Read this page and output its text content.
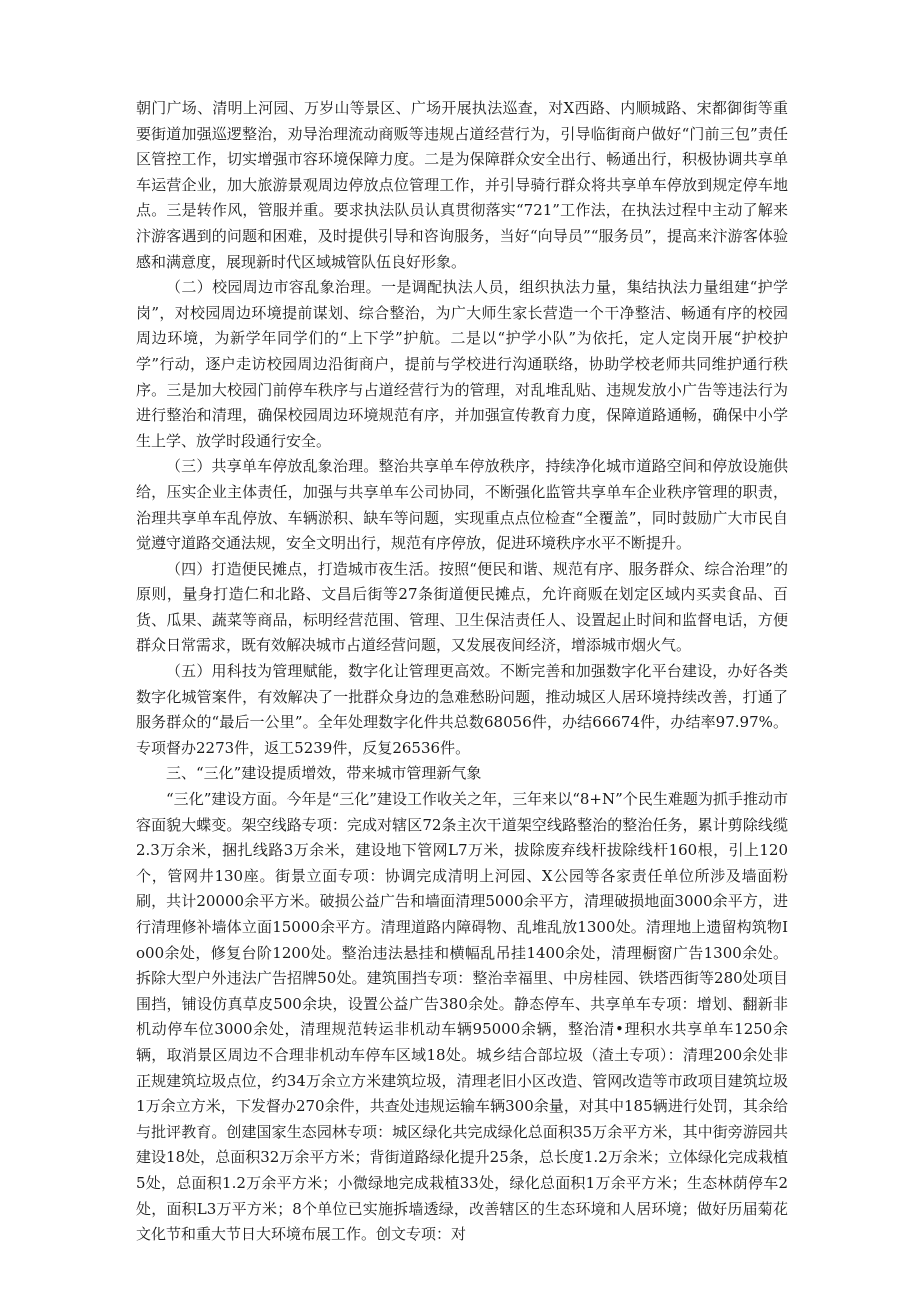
朝门广场、清明上河园、万岁山等景区、广场开展执法巡查，对X西路、内顺城路、宋都御街等重要街道加强巡逻整治，劝导治理流动商贩等违规占道经营行为，引导临街商户做好“门前三包”责任区管控工作，切实增强市容环境保障力度。二是为保障群众安全出行、畅通出行，积极协调共享单车运营企业，加大旅游景观周边停放点位管理工作，并引导骑行群众将共享单车停放到规定停车地点。三是转作风，管服并重。要求执法队员认真贯彻落实“721”工作法，在执法过程中主动了解来汴游客遇到的问题和困难，及时提供引导和咨询服务，当好“向导员”“服务员”，提高来汴游客体验感和满意度，展现新时代区域城管队伍良好形象。

（二）校园周边市容乱象治理。一是调配执法人员，组织执法力量，集结执法力量组建“护学岗”，对校园周边环境提前谋划、综合整治，为广大师生家长营造一个干净整洁、畅通有序的校园周边环境，为新学年同学们的“上下学”护航。二是以“护学小队”为依托，定人定岗开展“护校护学”行动，逐户走访校园周边沿街商户，提前与学校进行沟通联络，协助学校老师共同维护通行秩序。三是加大校园门前停车秩序与占道经营行为的管理，对乱堆乱贴、违规发放小广告等违法行为进行整治和清理，确保校园周边环境规范有序，并加强宣传教育力度，保障道路通畅，确保中小学生上学、放学时段通行安全。

（三）共享单车停放乱象治理。整治共享单车停放秩序，持续净化城市道路空间和停放设施供给，压实企业主体责任，加强与共享单车公司协同，不断强化监管共享单车企业秩序管理的职责，治理共享单车乱停放、车辆淤积、缺车等问题，实现重点点位检查“全覆盖”，同时鼓励广大市民自觉遵守道路交通法规，安全文明出行，规范有序停放，促进环境秩序水平不断提升。

（四）打造便民摊点，打造城市夜生活。按照“便民和谐、规范有序、服务群众、综合治理”的原则，量身打造仁和北路、文昌后街等27条街道便民摊点，允许商贩在划定区域内买卖食品、百货、瓜果、蔬菜等商品，标明经营范围、管理、卫生保洁责任人、设置起止时间和监督电话，方便群众日常需求，既有效解决城市占道经营问题，又发展夜间经济，增添城市烟火气。

（五）用科技为管理赋能，数字化让管理更高效。不断完善和加强数字化平台建设，办好各类数字化城管案件，有效解决了一批群众身边的急难愁盼问题，推动城区人居环境持续改善，打通了服务群众的“最后一公里”。全年处理数字化件共总数68056件，办结66674件，办结率97.97%。专项督办2273件，返工5239件，反复26536件。

三、“三化”建设提质增效，带来城市管理新气象

“三化”建设方面。今年是“三化”建设工作收关之年，三年来以“8+N”个民生难题为抓手推动市容面貌大蝶变。架空线路专项：完成对辖区72条主次干道架空线路整治的整治任务，累计剪除线缆2.3万余米，捆扎线路3万余米，建设地下管网L7万米，拔除废弃线杆拔除线杆160根，引上120个，管网井130座。街景立面专项：协调完成清明上河园、X公园等各家责任单位所涉及墙面粉刷，共计20000余平方米。破损公益广告和墙面清理5000余平方，清理破损地面3000余平方，进行清理修补墙体立面15000余平方。清理道路内障碍物、乱堆乱放1300处。清理地上遗留构筑物Io00余处，修复台阶1200处。整治违法悬挂和横幅乱吊挂1400余处，清理橱窗广告1300余处。拆除大型户外违法广告招牌50处。建筑围挡专项：整治幸福里、中房桂园、铁塔西街等280处项目围挡，铺设仿真草皮500余块，设置公益广告380余处。静态停车、共享单车专项：增划、翻新非机动停车位3000余处，清理规范转运非机动车辆95000余辆，整治清•理积水共享单车1250余辆，取消景区周边不合理非机动车停车区域18处。城乡结合部垃圾（渣土专项）：清理200余处非正规建筑垃圾点位，约34万余立方米建筑垃圾，清理老旧小区改造、管网改造等市政项目建筑垃圾1万余立方米，下发督办270余件，共查处违规运输车辆300余量，对其中185辆进行处罚，其余给与批评教育。创建国家生态园林专项：城区绿化共完成绿化总面积35万余平方米，其中街旁游园共建设18处，总面积32万余平方米；背街道路绿化提升25条，总长度1.2万余米；立体绿化完成栽植5处，总面积1.2万余平方米；小微绿地完成栽植33处，绿化总面积1万余平方米；生态林荫停车2处，面积L3万平方米；8个单位已实施拆墙透绿，改善辖区的生态环境和人居环境；做好历届菊花文化节和重大节日大环境布展工作。创文专项：对
